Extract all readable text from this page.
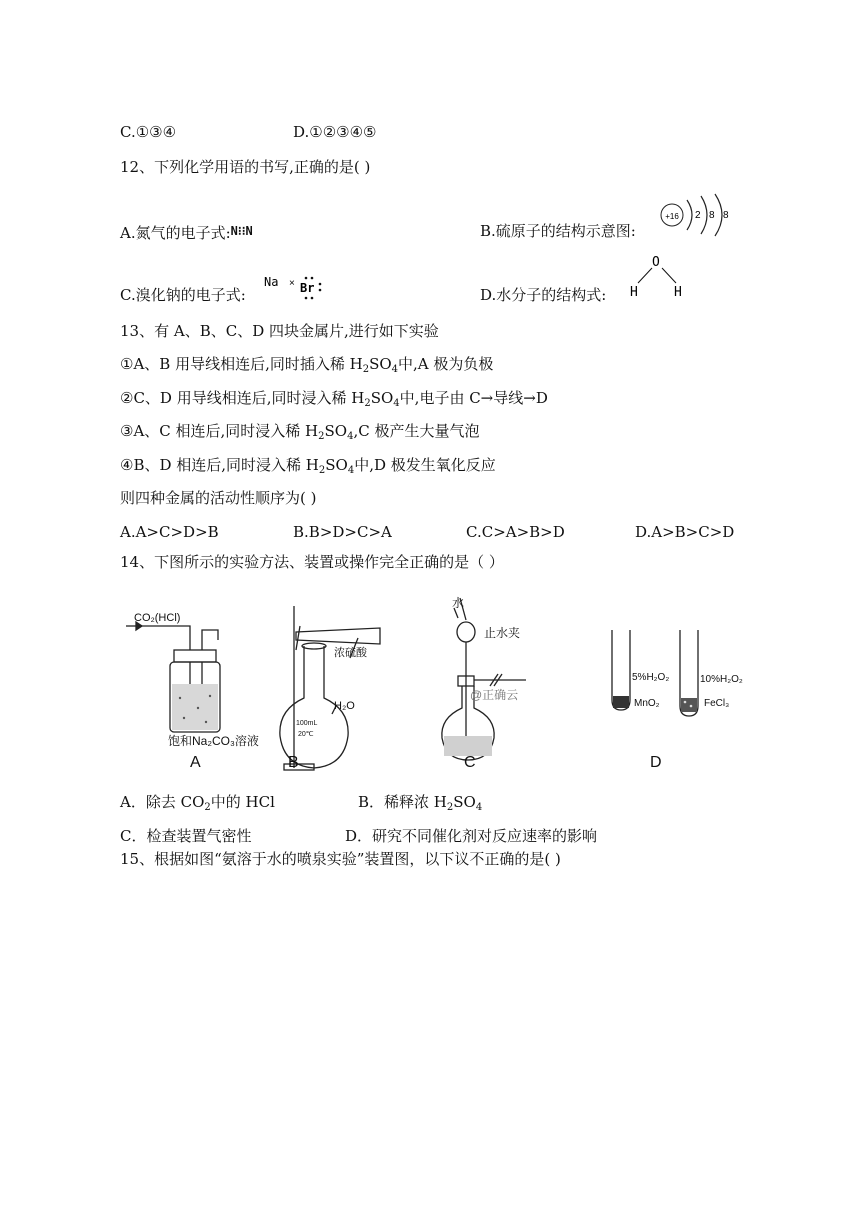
C.①③④	D.①②③④⑤
12、下列化学用语的书写,正确的是( )
A.氮气的电子式:$^{N⁝⁝N}$	B.硫原子的结构示意图:
+16 2 8 8
C.溴化钠的电子式:
Na × Br	D.水分子的结构式:
O
H	H
13、有 A、B、C、D 四块金属片,进行如下实验
①A、B 用导线相连后,同时插入稀 $H_2SO_4$中,A 极为负极
②C、D 用导线相连后,同时浸入稀 $H_2SO_4$中,电子由 C→导线→D
③A、C 相连后,同时浸入稀 $H_2SO_4,C$ 极产生大量气泡
④B、D 相连后,同时浸入稀 $H_2SO_4$中,D 极发生氧化反应
则四种金属的活动性顺序为( )
A.A>C>D>B	B.B>D>C>A	C.C>A>B>D	D.A>B>C>D
14、下图所示的实验方法、装置或操作完全正确的是（ ）
CO₂(HCl)
饱和Na₂CO₃溶液
浓硫酸
100mL
20℃
H₂O
水
止水夹
@正确云
5%H₂O₂
MnO₂
10%H₂O₂
FeCl₃
A	B	C	D
A．除去 $CO_2$中的 HCl	B．稀释浓 $H_2SO_4$
C．检查装置气密性	D．研究不同催化剂对反应速率的影响
15、根据如图“氨溶于水的喷泉实验”装置图，以下议不正确的是( )
